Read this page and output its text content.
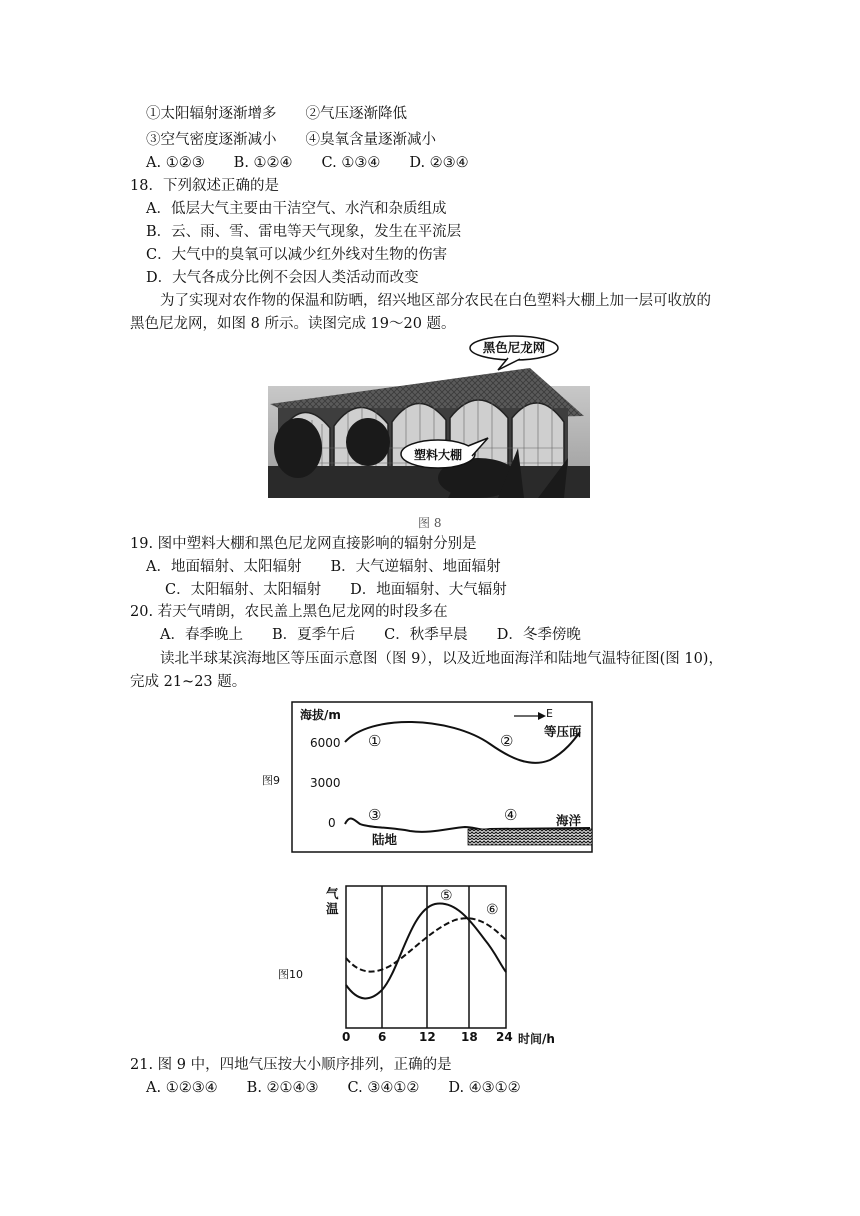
①太阳辐射逐渐增多　　②气压逐渐降低
③空气密度逐渐减小　　④臭氧含量逐渐减小
A. ①②③　　B. ①②④　　C. ①③④　　D. ②③④
18．下列叙述正确的是
A．低层大气主要由干洁空气、水汽和杂质组成
B．云、雨、雪、雷电等天气现象，发生在平流层
C．大气中的臭氧可以减少红外线对生物的伤害
D．大气各成分比例不会因人类活动而改变
为了实现对农作物的保温和防晒，绍兴地区部分农民在白色塑料大棚上加一层可收放的
黑色尼龙网，如图 8 所示。读图完成 19～20 题。
黑色尼龙网
塑料大棚
图 8
19. 图中塑料大棚和黑色尼龙网直接影响的辐射分别是
A．地面辐射、太阳辐射　　B．大气逆辐射、地面辐射
C．太阳辐射、太阳辐射　　D．地面辐射、大气辐射
20. 若天气晴朗，农民盖上黑色尼龙网的时段多在
A．春季晚上　　B．夏季午后　　C．秋季早晨　　D．冬季傍晚
读北半球某滨海地区等压面示意图（图 9），以及近地面海洋和陆地气温特征图(图 10)，
完成 21~23 题。
图9
海拔/m	E
等压面
6000
3000
0
①	②
③	④
陆地
海洋
图10
气
温
⑤
⑥
0 6	12 18 24 时间/h
21. 图 9 中，四地气压按大小顺序排列，正确的是
A. ①②③④　　B. ②①④③　　C. ③④①②　　D. ④③①②
